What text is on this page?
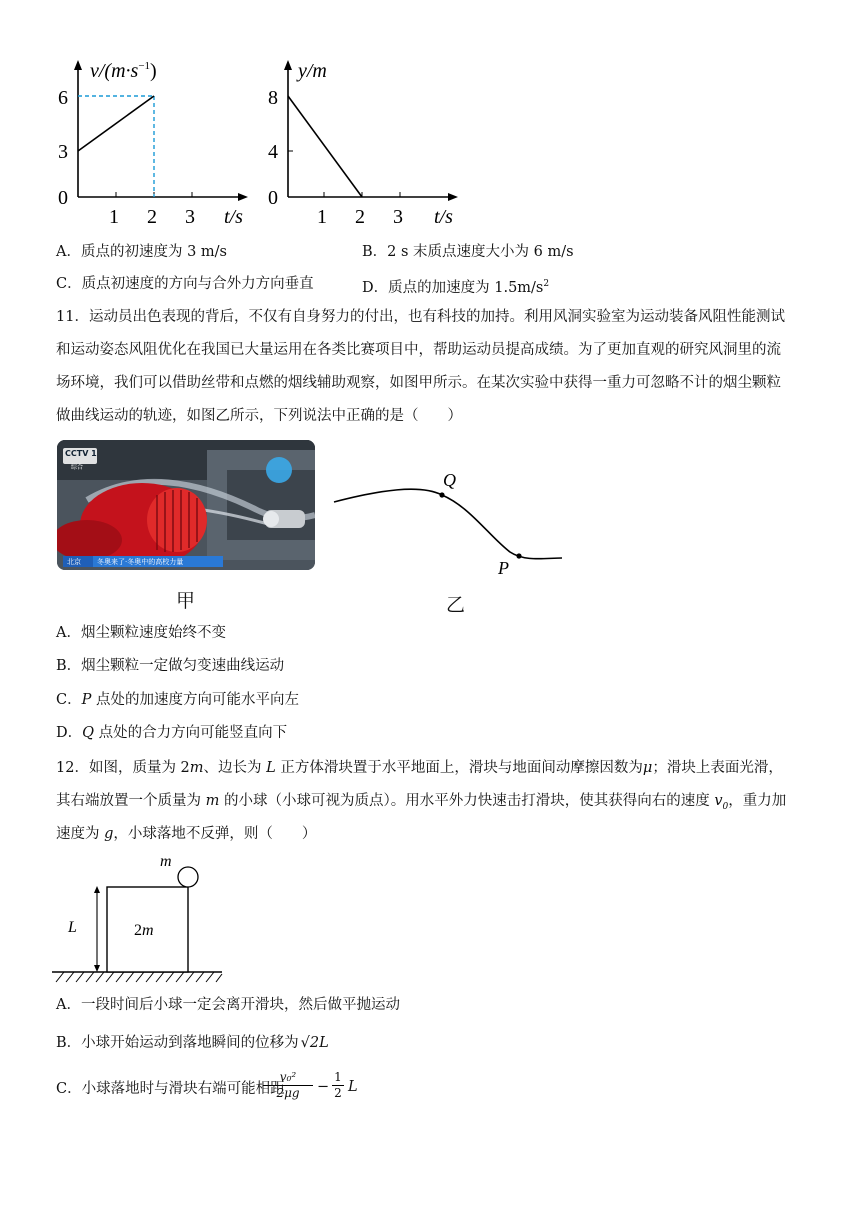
$v/(m\cdot s^{-1})$
6
3
0
1 2 3 t/s
y/m
8
4
0
1 2 3 t/s
A．质点的初速度为 3 m/s	B．2 s 末质点速度大小为 6 m/s
C．质点初速度的方向与合外力方向垂直	D．质点的加速度为 $1.5m/s^2$
11．运动员出色表现的背后，不仅有自身努力的付出，也有科技的加持。利用风洞实验室为运动装备风阻性能测试
和运动姿态风阻优化在我国已大量运用在各类比赛项目中，帮助运动员提高成绩。为了更加直观的研究风洞里的流
场环境，我们可以借助丝带和点燃的烟线辅助观察，如图甲所示。在某次实验中获得一重力可忽略不计的烟尘颗粒
做曲线运动的轨迹，如图乙所示，下列说法中正确的是（　　）
CCTV 1
综合
北京 冬奥来了·冬奥中的高校力量
Q
P
甲	乙
A．烟尘颗粒速度始终不变
B．烟尘颗粒一定做匀变速曲线运动
C．P 点处的加速度方向可能水平向左
D．Q 点处的合力方向可能竖直向下
12．如图，质量为 2m、边长为 L 正方体滑块置于水平地面上，滑块与地面间动摩擦因数为μ；滑块上表面光滑，
其右端放置一个质量为 m 的小球（小球可视为质点）。用水平外力快速击打滑块，使其获得向右的速度 $v_0$，重力加
速度为 g，小球落地不反弹，则（　　）
m
2m
L
A．一段时间后小球一定会离开滑块，然后做平抛运动
B．小球开始运动到落地瞬间的位移为 √2L
C．小球落地时与滑块右端可能相距
v₀²
2μg	−
1
2 L
